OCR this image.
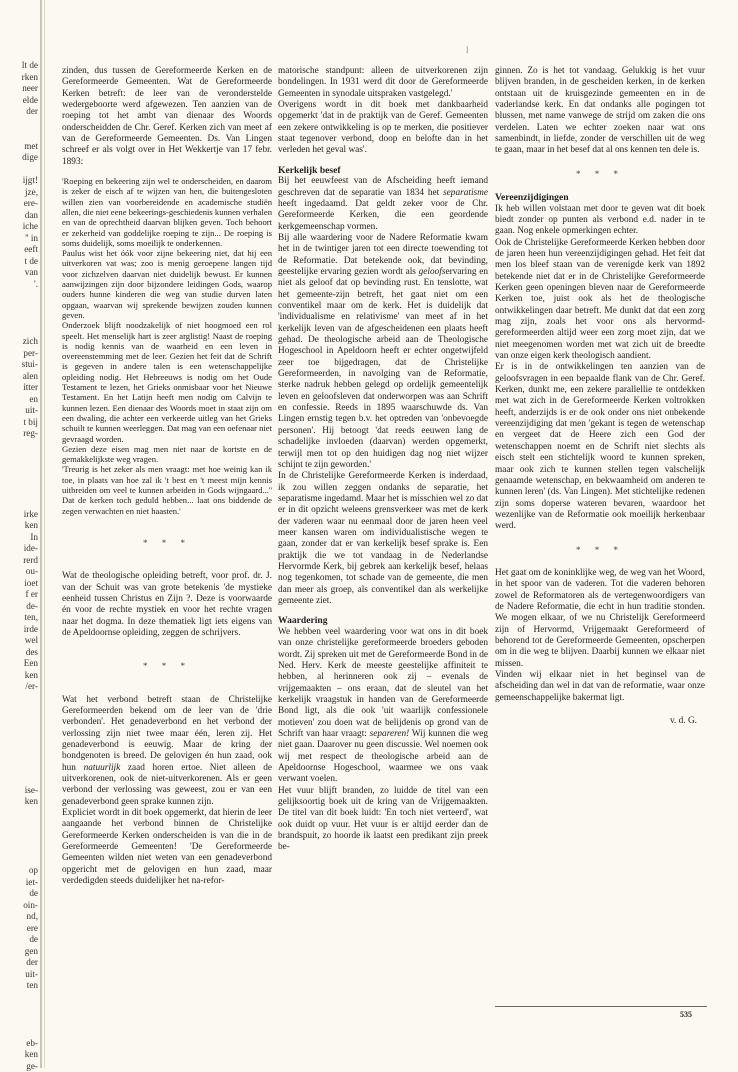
l
lt de
rken
neer
elde
der
met
dige
ijgt!
jze,
ere-
dan
iche
'' in
eeft
t de
van
'.
zich
per-
stui-
alen
itter
en
uit-
t bij
reg-
irke
ken
In
ide-
rerd
ou-
ioet
f er
de-
ten,
irde
wel
des
Een
ken
/er-
ise-
ken
op
iet-
de
oin-
nd,
ere
de
gen
der
uit-
ten
eb-
ken
ge-

zinden, dus tussen de Gereformeerde Kerken en de Gereformeerde Gemeenten. Wat de Gereformeerde Kerken betreft: de leer van de veronderstelde wedergeboorte werd afgewezen. Ten aanzien van de roeping tot het ambt van dienaar des Woords onderscheidden de Chr. Geref. Kerken zich van meet af van de Gereformeerde Gemeenten. Ds. Van Lingen schreef er als volgt over in Het Wekkertje van 17 febr. 1893:

'Roeping en bekeering zijn wel te onderscheiden, en daarom is zeker de eisch af te wijzen van hen, die buitengesloten willen zien van voorbereidende en academische studiën allen, die niet eene bekeerings-geschiedenis kunnen verhalen en van de oprechtheid daarvan blijken geven. Toch behoort er zekerheid van goddelijke roeping te zijn... De roeping is soms duidelijk, soms moeilijk te onderkennen.

Paulus wist het óók voor zijne bekeering niet, dat hij een uitverkoren vat was; zoo is menig geroepene langen tijd voor zichzelven daarvan niet duidelijk bewust. Er kunnen aanwijzingen zijn door bijzondere leidingen Gods, waarop ouders hunne kinderen die weg van studie durven laten opgaan, waarvan wij sprekende bewijzen zouden kunnen geven.

Onderzoek blijft noodzakelijk of niet hoogmoed een rol speelt. Het menselijk hart is zeer arglistig! Naast de roeping is nodig kennis van de waarheid en een leven in overeenstemming met de leer. Gezien het feit dat de Schrift is gegeven in andere talen is een wetenschappelijke opleiding nodig. Het Hebreeuws is nodig om het Oude Testament te lezen, het Grieks onmisbaar voor het Nieuwe Testament. En het Latijn heeft men nodig om Calvijn te kunnen lezen. Een dienaar des Woords moet in staat zijn om een dwaling, die achter een verkeerde uitleg van het Grieks schuilt te kunnen weerleggen. Dat mag van een oefenaar niet gevraagd worden.

Gezien deze eisen mag men niet naar de kortste en de gemakkelijkste weg vragen.

'Treurig is het zeker als men vraagt: met hoe weinig kan ik toe, in plaats van hoe zal ik 't best en 't meest mijn kennis uitbreiden om veel te kunnen arbeiden in Gods wijngaard...'' Dat de kerken toch geduld hebben... laat ons biddende de zegen verwachten en niet haasten.'

* * *

Wat de theologische opleiding betreft, voor prof. dr. J. van der Schuit was van grote betekenis 'de mystieke eenheid tussen Christus en Zijn ?. Deze is voorwaarde én voor de rechte mystiek en voor het rechte vragen naar het dogma. In deze thematiek ligt iets eigens van de Apeldoornse opleiding, zeggen de schrijvers.

* * *

Wat het verbond betreft staan de Christelijke Gereformeerden bekend om de leer van de 'drie verbonden'. Het genadeverbond en het verbond der verlossing zijn niet twee maar één, leren zij. Het genadeverbond is eeuwig. Maar de kring der bondgenoten is breed. De gelovigen én hun zaad, ook hun natuurlijk zaad horen ertoe. Niet alleen de uitverkorenen, ook de niet-uitverkorenen. Als er geen verbond der verlossing was geweest, zou er van een genadeverbond geen sprake kunnen zijn.

Expliciet wordt in dit boek opgemerkt, dat hierin de leer aangaande het verbond binnen de Christelijke Gereformeerde Kerken onderscheiden is van die in de Gereformeerde Gemeenten! 'De Gereformeerde Gemeenten wilden niet weten van een genadeverbond opgericht met de gelovigen en hun zaad, maar verdedigden steeds duidelijker het na-refor-

matorische standpunt: alleen de uitverkorenen zijn bondelingen. In 1931 werd dit door de Gereformeerde Gemeenten in synodale uitspraken vastgelegd.'

Overigens wordt in dit boek met dankbaarheid opgemerkt 'dat in de praktijk van de Geref. Gemeenten een zekere ontwikkeling is op te merken, die positiever staat tegenover verbond, doop en belofte dan in het verleden het geval was'.

Kerkelijk besef

Bij het eeuwfeest van de Afscheiding heeft iemand geschreven dat de separatie van 1834 het separatisme heeft ingedaamd. Dat geldt zeker voor de Chr. Gereformeerde Kerken, die een geordende kerkgemeenschap vormen.

Bij alle waardering voor de Nadere Reformatie kwam het in de twintiger jaren tot een directe toewending tot de Reformatie. Dat betekende ook, dat bevinding, geestelijke ervaring gezien wordt als geloofservaring en niet als geloof dat op bevinding rust. En tenslotte, wat het gemeente-zijn betreft, het gaat niet om een conventikel maar om de kerk. Het is duidelijk dat 'individualisme en relativisme' van meet af in het kerkelijk leven van de afgescheidenen een plaats heeft gehad. De theologische arbeid aan de Theologische Hogeschool in Apeldoorn heeft er echter ongetwijfeld zeer toe bijgedragen, dat de Christelijke Gereformeerden, in navolging van de Reformatie, sterke nadruk hebben gelegd op ordelijk gemeentelijk leven en geloofsleven dat onderworpen was aan Schrift en confessie. Reeds in 1895 waarschuwde ds. Van Lingen ernstig tegen b.v. het optreden van 'onbevoegde personen'. Hij betoogt 'dat reeds eeuwen lang de schadelijke invloeden (daarvan) werden opgemerkt, terwijl men tot op den huidigen dag nog niet wijzer schijnt te zijn geworden.'

In de Christelijke Gereformeerde Kerken is inderdaad, ik zou willen zeggen ondanks de separatie, het separatisme ingedamd. Maar het is misschien wel zo dat er in dit opzicht weleens grensverkeer was met de kerk der vaderen waar nu eenmaal door de jaren heen veel meer kansen waren om individualistische wegen te gaan, zonder dat er van kerkelijk besef sprake is. Een praktijk die we tot vandaag in de Nederlandse Hervormde Kerk, bij gebrek aan kerkelijk besef, helaas nog tegenkomen, tot schade van de gemeente, die men dan meer als groep, als conventikel dan als werkelijke gemeente ziet.

Waardering

We hebben veel waardering voor wat ons in dit boek van onze christelijke gereformeerde broeders geboden wordt. Zij spreken uit met de Gereformeerde Bond in de Ned. Herv. Kerk de meeste geestelijke affiniteit te hebben, al herinneren ook zij – evenals de vrijgemaakten – ons eraan, dat de sleutel van het kerkelijk vraagstuk in handen van de Gereformeerde Bond ligt, als die ook 'uit waarlijk confessionele motieven' zou doen wat de belijdenis op grond van de Schrift van haar vraagt: separeren! Wij kunnen die weg niet gaan. Daarover nu geen discussie. Wel noemen ook wij met respect de theologische arbeid aan de Apeldoornse Hogeschool, waarmee we ons vaak verwant voelen.

Het vuur blijft branden, zo luidde de titel van een gelijksoortig boek uit de kring van de Vrijgemaakten. De titel van dit boek luidt: 'En toch niet verteerd', wat ook duidt op vuur. Het vuur is er altijd eerder dan de brandspuit, zo hoorde ik laatst een predikant zijn preek be-

ginnen. Zo is het tot vandaag. Gelukkig is het vuur blijven branden, in de gescheiden kerken, in de kerken ontstaan uit de kruisgezinde gemeenten en in de vaderlandse kerk. En dat ondanks alle pogingen tot blussen, met name vanwege de strijd om zaken die ons verdelen. Laten we echter zoeken naar wat ons samenbindt, in liefde, zonder de verschillen uit de weg te gaan, maar in het besef dat al ons kennen ten dele is.

* * *
Vereenzijdigingen

Ik heb willen volstaan met door te geven wat dit boek biedt zonder op punten als verbond e.d. nader in te gaan. Nog enkele opmerkingen echter.

Ook de Christelijke Gereformeerde Kerken hebben door de jaren heen hun vereenzijdigingen gehad. Het feit dat men los bleef staan van de verenigde kerk van 1892 betekende niet dat er in de Christelijke Gereformeerde Kerken geen openingen bleven naar de Gereformeerde Kerken toe, juist ook als het de theologische ontwikkelingen daar betreft. Me dunkt dat dat een zorg mag zijn, zoals het voor ons als hervormd-gereformeerden altijd weer een zorg moet zijn, dat we niet meegenomen worden met wat zich uit de breedte van onze eigen kerk theologisch aandient.

Er is in de ontwikkelingen ten aanzien van de geloofsvragen in een bepaalde flank van de Chr. Geref. Kerken, dunkt me, een zekere parallellie te ontdekken met wat zich in de Gereformeerde Kerken voltrokken heeft, anderzijds is er de ook onder ons niet onbekende vereenzijdiging dat men 'gekant is tegen de wetenschap en vergeet dat de Heere zich een God der wetenschappen noemt en de Schrift niet slechts als eisch stelt een stichtelijk woord te kunnen spreken, maar ook zich te kunnen stellen tegen valschelijk genaamde wetenschap, en bekwaamheid om anderen te kunnen leren' (ds. Van Lingen). Met stichtelijke redenen zijn soms doperse wateren bevaren, waardoor het wezenlijke van de Reformatie ook moeilijk herkenbaar werd.

* * *

Het gaat om de koninklijke weg, de weg van het Woord, in het spoor van de vaderen. Tot die vaderen behoren zowel de Reformatoren als de vertegenwoordigers van de Nadere Reformatie, die echt in hun traditie stonden. We mogen elkaar, of we nu Christelijk Gereformeerd zijn of Hervormd, Vrijgemaakt Gereformeerd of behorend tot de Gereformeerde Gemeenten, opscherpen om in die weg te blijven. Daarbij kunnen we elkaar niet missen.

Vinden wij elkaar niet in het beginsel van de afscheiding dan wel in dat van de reformatie, waar onze gemeenschappelijke bakermat ligt.

v. d. G.
535
